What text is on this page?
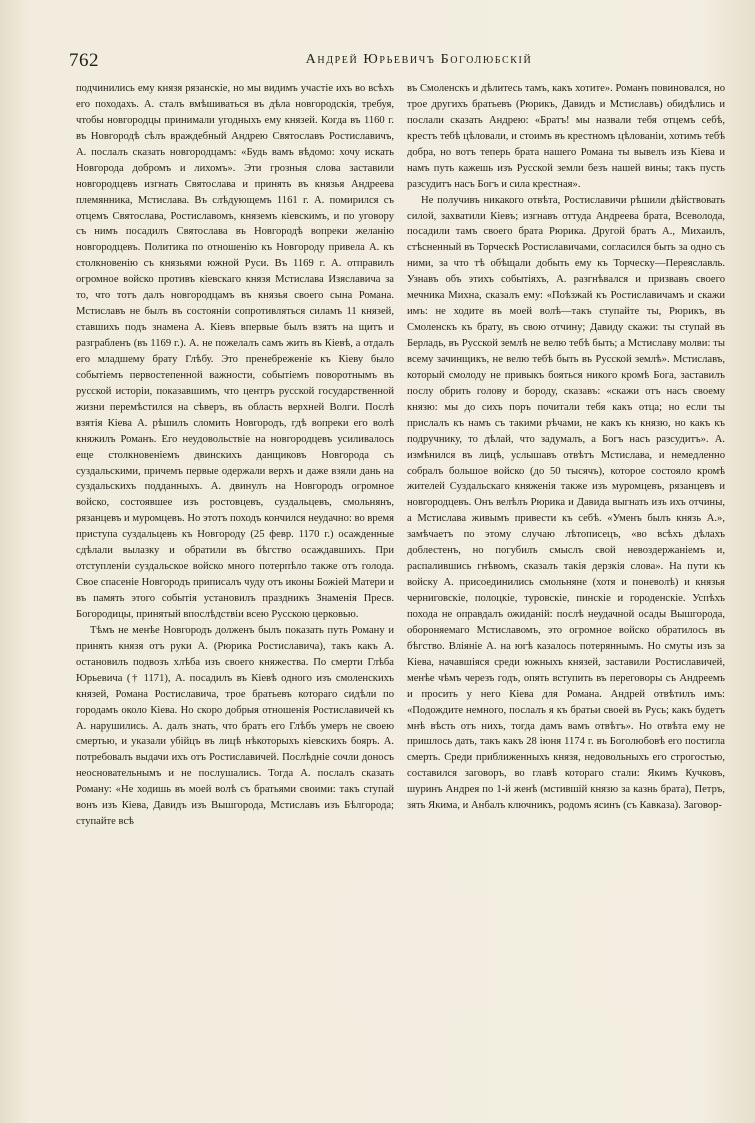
762	Андрей Юрьевичъ Боголюбскій

подчинились ему князя рязанскіе, но мы видимъ участіе ихъ во всѣхъ его походахъ. А. сталъ вмѣшиваться въ дѣла новгородскія, требуя, чтобы новгородцы принимали угодныхъ ему князей. Когда въ 1160 г. въ Новгородѣ сѣлъ враждебный Андрею Святославъ Ростиславичъ, А. послалъ сказать новгородцамъ: «Будь вамъ вѣдомо: хочу искать Новгорода добромъ и лихомъ». Эти грозныя слова заставили новгородцевъ изгнать Святослава и принять въ князья Андреева племянника, Мстислава. Въ слѣдующемъ 1161 г. А. помирился съ отцемъ Святослава, Ростиславомъ, княземъ кіевскимъ, и по уговору съ нимъ посадилъ Святослава въ Новгородѣ вопреки желанію новгородцевъ. Политика по отношенію къ Новгороду привела А. къ столкновенію съ князьями южной Руси. Въ 1169 г. А. отправилъ огромное войско противъ кіевскаго князя Мстислава Изяславича за то, что тотъ далъ новгородцамъ въ князья своего сына Романа. Мстиславъ не былъ въ состояніи сопротивляться силамъ 11 князей, ставшихъ подъ знамена А. Кіевъ впервые былъ взятъ на щитъ и разграбленъ (въ 1169 г.). А. не пожелалъ самъ жить въ Кіевѣ, а отдалъ его младшему брату Глѣбу. Это пренебреженіе къ Кіеву было событіемъ первостепенной важности, событіемъ поворотнымъ въ русской исторіи, показавшимъ, что центръ русской государственной жизни перемѣстился на сѣверъ, въ область верхней Волги. Послѣ взятія Кіева А. рѣшилъ сломить Новгородъ, гдѣ вопреки его волѣ княжилъ Романъ. Его неудовольствіе на новгородцевъ усиливалось еще столкновеніемъ двинскихъ данщиковъ Новгорода съ суздальскими, причемъ первые одержали верхъ и даже взяли дань на суздальскихъ подданныхъ. А. двинулъ на Новгородъ огромное войско, состоявшее изъ ростовцевъ, суздальцевъ, смольнянъ, рязанцевъ и муромцевъ. Но этотъ походъ кончился неудачно: во время приступа суздальцевъ къ Новгороду (25 февр. 1170 г.) осажденные сдѣлали вылазку и обратили въ бѣгство осаждавшихъ. При отступленіи суздальское войско много потерпѣло также отъ голода. Свое спасеніе Новгородъ приписалъ чуду отъ иконы Божіей Матери и въ память этого событія установилъ праздникъ Знаменія Пресв. Богородицы, принятый впослѣдствіи всею Русскою церковью.

Тѣмъ не менѣе Новгородъ долженъ былъ показать путь Роману и принять князя отъ руки А. (Рюрика Ростиславича), такъ какъ А. остановилъ подвозъ хлѣба изъ своего княжества. По смерти Глѣба Юрьевича († 1171), А. посадилъ въ Кіевѣ одного изъ смоленскихъ князей, Романа Ростиславича, трое братьевъ котораго сидѣли по городамъ около Кіева. Но скоро добрыя отношенія Ростиславичей къ А. нарушились. А. далъ знать, что братъ его Глѣбъ умеръ не своею смертью, и указали убійцъ въ лицѣ нѣкоторыхъ кіевскихъ бояръ. А. потребовалъ выдачи ихъ отъ Ростиславичей. Послѣдніе сочли доносъ неосновательнымъ и не послушались. Тогда А. послалъ сказать Роману: «Не ходишь въ моей волѣ съ братьями своими: такъ ступай вонъ изъ Кіева, Давидъ изъ Вышгорода, Мстиславъ изъ Бѣлгорода; ступайте всѣ

въ Смоленскъ и дѣлитесь тамъ, какъ хотите». Романъ повиновался, но трое другихъ братьевъ (Рюрикъ, Давидъ и Мстиславъ) обидѣлись и послали сказать Андрею: «Братъ! мы назвали тебя отцемъ себѣ, крестъ тебѣ цѣловали, и стоимъ въ крестномъ цѣлованіи, хотимъ тебѣ добра, но вотъ теперь брата нашего Романа ты вывелъ изъ Кіева и намъ путь кажешь изъ Русской земли безъ нашей вины; такъ пусть разсудитъ насъ Богъ и сила крестная».

Не получивъ никакого отвѣта, Ростиславичи рѣшили дѣйствовать силой, захватили Кіевъ; изгнавъ оттуда Андреева брата, Всеволода, посадили тамъ своего брата Рюрика. Другой братъ А., Михаилъ, стѣсненный въ Торческѣ Ростиславичами, согласился быть за одно съ ними, за что тѣ обѣщали добыть ему къ Торческу—Переяславль. Узнавъ объ этихъ событіяхъ, А. разгнѣвался и призвавъ своего мечника Михна, сказалъ ему: «Поѣзжай къ Ростиславичамъ и скажи имъ: не ходите въ моей волѣ—такъ ступайте ты, Рюрикъ, въ Смоленскъ къ брату, въ свою отчину; Давиду скажи: ты ступай въ Берладь, въ Русской землѣ не велю тебѣ быть; а Мстиславу молви: ты всему зачинщикъ, не велю тебѣ быть въ Русской землѣ». Мстиславъ, который смолоду не привыкъ бояться никого кромѣ Бога, заставилъ послу обрить голову и бороду, сказавъ: «скажи отъ насъ своему князю: мы до сихъ поръ почитали тебя какъ отца; но если ты прислалъ къ намъ съ такими рѣчами, не какъ къ князю, но какъ къ подручнику, то дѣлай, что задумалъ, а Богъ насъ разсудитъ». А. измѣнился въ лицѣ, услышавъ отвѣтъ Мстислава, и немедленно собралъ большое войско (до 50 тысячъ), которое состояло кромѣ жителей Суздальскаго княженія также изъ муромцевъ, рязанцевъ и новгородцевъ. Онъ велѣлъ Рюрика и Давида выгнать изъ ихъ отчины, а Мстислава живымъ привести къ себѣ. «Уменъ былъ князь А.», замѣчаетъ по этому случаю лѣтописецъ, «во всѣхъ дѣлахъ доблестенъ, но погубилъ смыслъ свой невоздержаніемъ и, распалившись гнѣвомъ, сказалъ такія дерзкія слова». На пути къ войску А. присоединились смольняне (хотя и поневолѣ) и князья черниговскіе, полоцкіе, туровскіе, пинскіе и городенскіе. Успѣхъ похода не оправдалъ ожиданій: послѣ неудачной осады Вышгорода, обороняемаго Мстиславомъ, это огромное войско обратилось въ бѣгство. Вліяніе А. на югѣ казалось потеряннымъ. Но смуты изъ за Кіева, начавшіяся среди южныхъ князей, заставили Ростиславичей, менѣе чѣмъ черезъ годъ, опять вступить въ переговоры съ Андреемъ и просить у него Кіева для Романа. Андрей отвѣтилъ имъ: «Подождите немного, послалъ я къ братьи своей въ Русь; какъ будетъ мнѣ вѣсть отъ нихъ, тогда дамъ вамъ отвѣтъ». Но отвѣта ему не пришлось дать, такъ какъ 28 іюня 1174 г. въ Боголюбовѣ его постигла смерть. Среди приближенныхъ князя, недовольныхъ его строгостью, составился заговоръ, во главѣ котораго стали: Якимъ Кучковъ, шуринъ Андрея по 1-й женѣ (мстившій князю за казнь брата), Петръ, зять Якима, и Анбалъ ключникъ, родомъ ясинъ (съ Кавказа). Заговор-
